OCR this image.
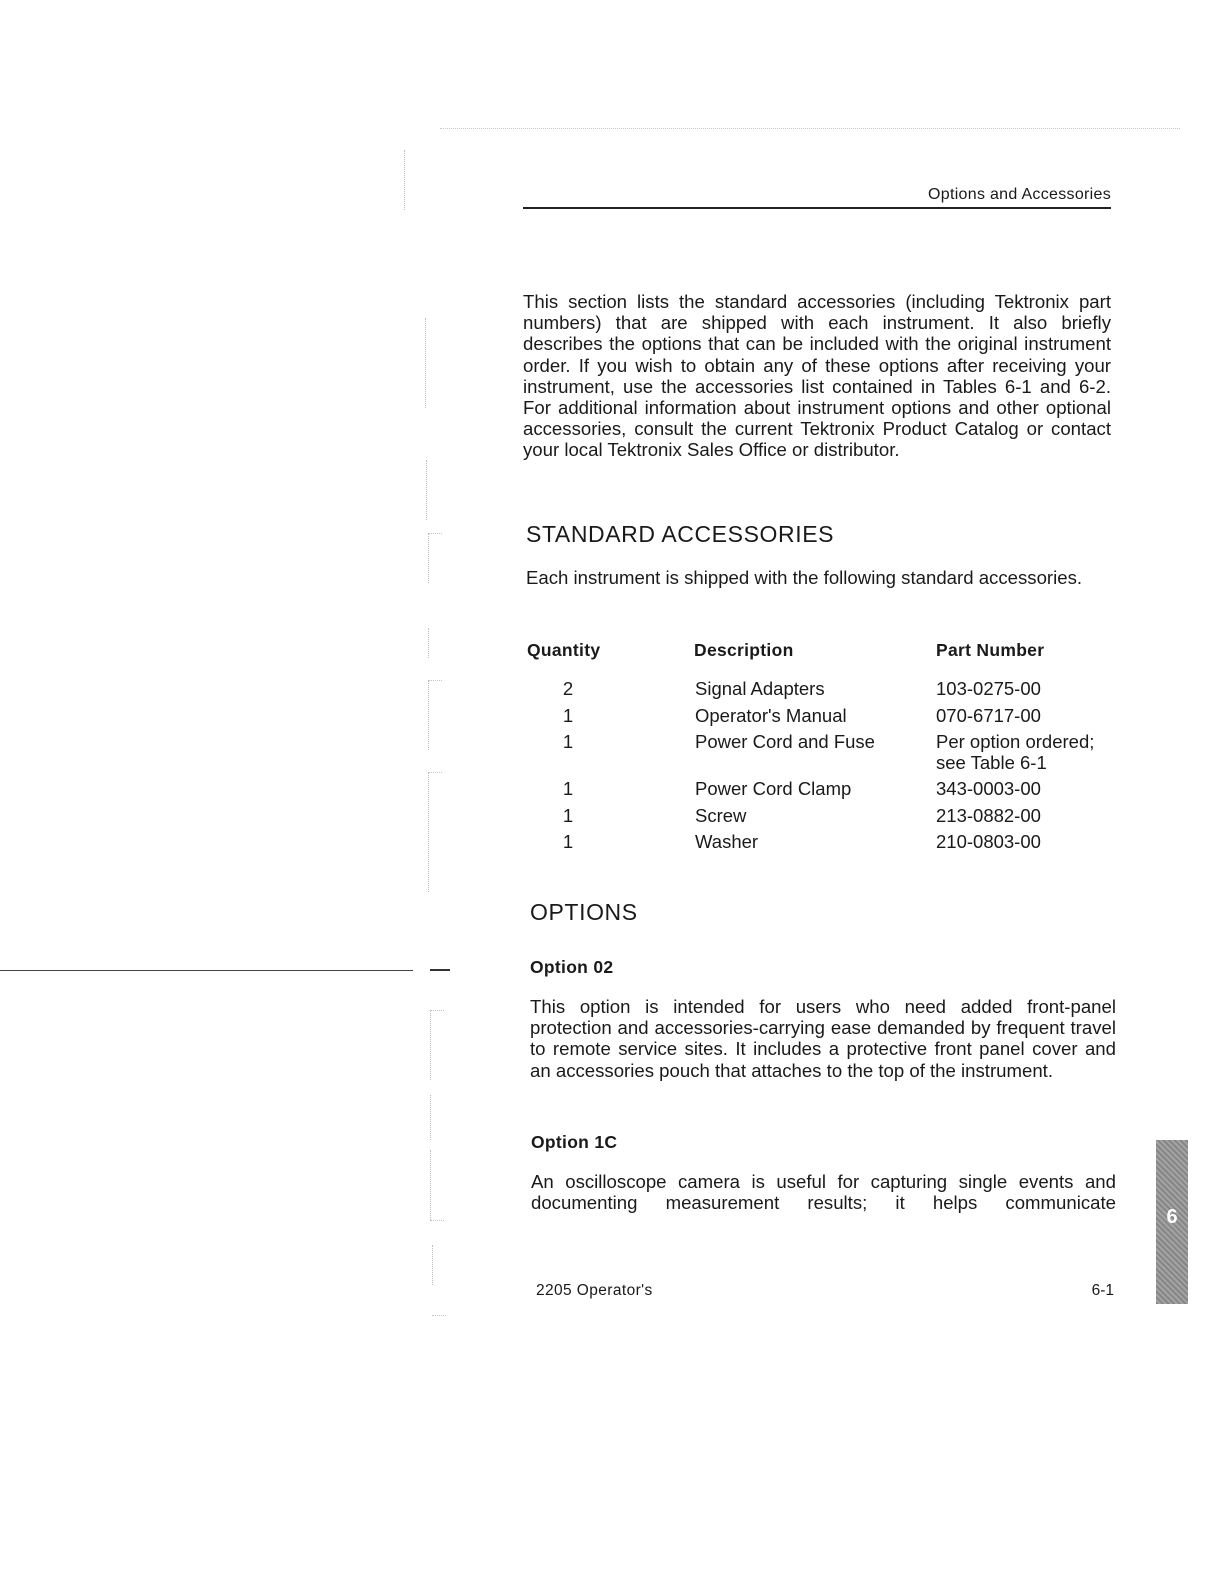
Options and Accessories
This section lists the standard accessories (including Tektronix part numbers) that are shipped with each instrument. It also briefly describes the options that can be included with the original instrument order. If you wish to obtain any of these options after receiving your instrument, use the accessories list contained in Tables 6-1 and 6-2. For additional information about instrument options and other optional accessories, consult the current Tektronix Product Catalog or contact your local Tektronix Sales Office or distributor.
STANDARD ACCESSORIES
Each instrument is shipped with the following standard accessories.
Quantity	Description	Part Number
2	Signal Adapters	103-0275-00
1	Operator's Manual	070-6717-00
1	Power Cord and Fuse	Per option ordered; see Table 6-1
1	Power Cord Clamp	343-0003-00
1	Screw	213-0882-00
1	Washer	210-0803-00
OPTIONS
Option 02
This option is intended for users who need added front-panel protection and accessories-carrying ease demanded by frequent travel to remote service sites. It includes a protective front panel cover and an accessories pouch that attaches to the top of the instrument.
Option 1C
An oscilloscope camera is useful for capturing single events and documenting measurement results; it helps communicate
2205 Operator's	6-1
6
